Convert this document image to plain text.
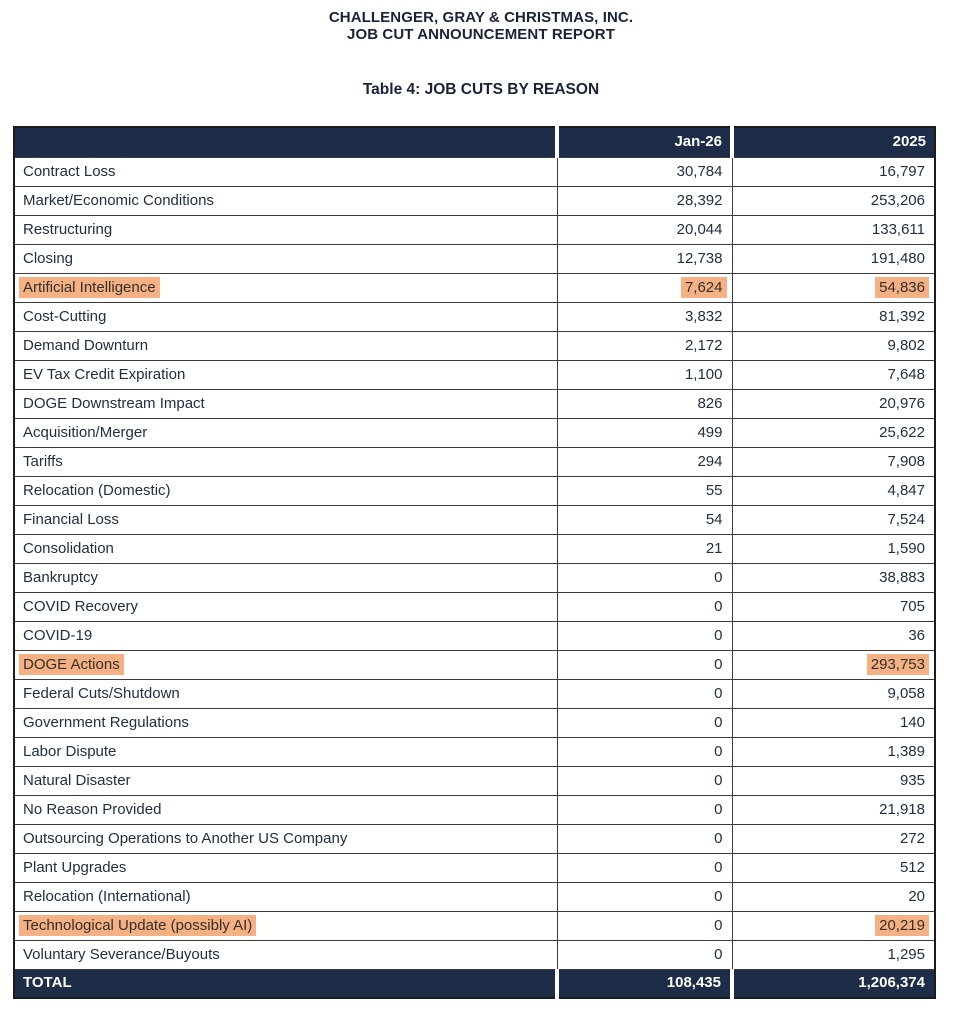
CHALLENGER, GRAY & CHRISTMAS, INC.
JOB CUT ANNOUNCEMENT REPORT
Table 4: JOB CUTS BY REASON
	Jan-26	2025
Contract Loss	30,784	16,797
Market/Economic Conditions	28,392	253,206
Restructuring	20,044	133,611
Closing	12,738	191,480
Artificial Intelligence	7,624	54,836
Cost-Cutting	3,832	81,392
Demand Downturn	2,172	9,802
EV Tax Credit Expiration	1,100	7,648
DOGE Downstream Impact	826	20,976
Acquisition/Merger	499	25,622
Tariffs	294	7,908
Relocation (Domestic)	55	4,847
Financial Loss	54	7,524
Consolidation	21	1,590
Bankruptcy	0	38,883
COVID Recovery	0	705
COVID-19	0	36
DOGE Actions	0	293,753
Federal Cuts/Shutdown	0	9,058
Government Regulations	0	140
Labor Dispute	0	1,389
Natural Disaster	0	935
No Reason Provided	0	21,918
Outsourcing Operations to Another US Company	0	272
Plant Upgrades	0	512
Relocation (International)	0	20
Technological Update (possibly AI)	0	20,219
Voluntary Severance/Buyouts	0	1,295
TOTAL	108,435	1,206,374
